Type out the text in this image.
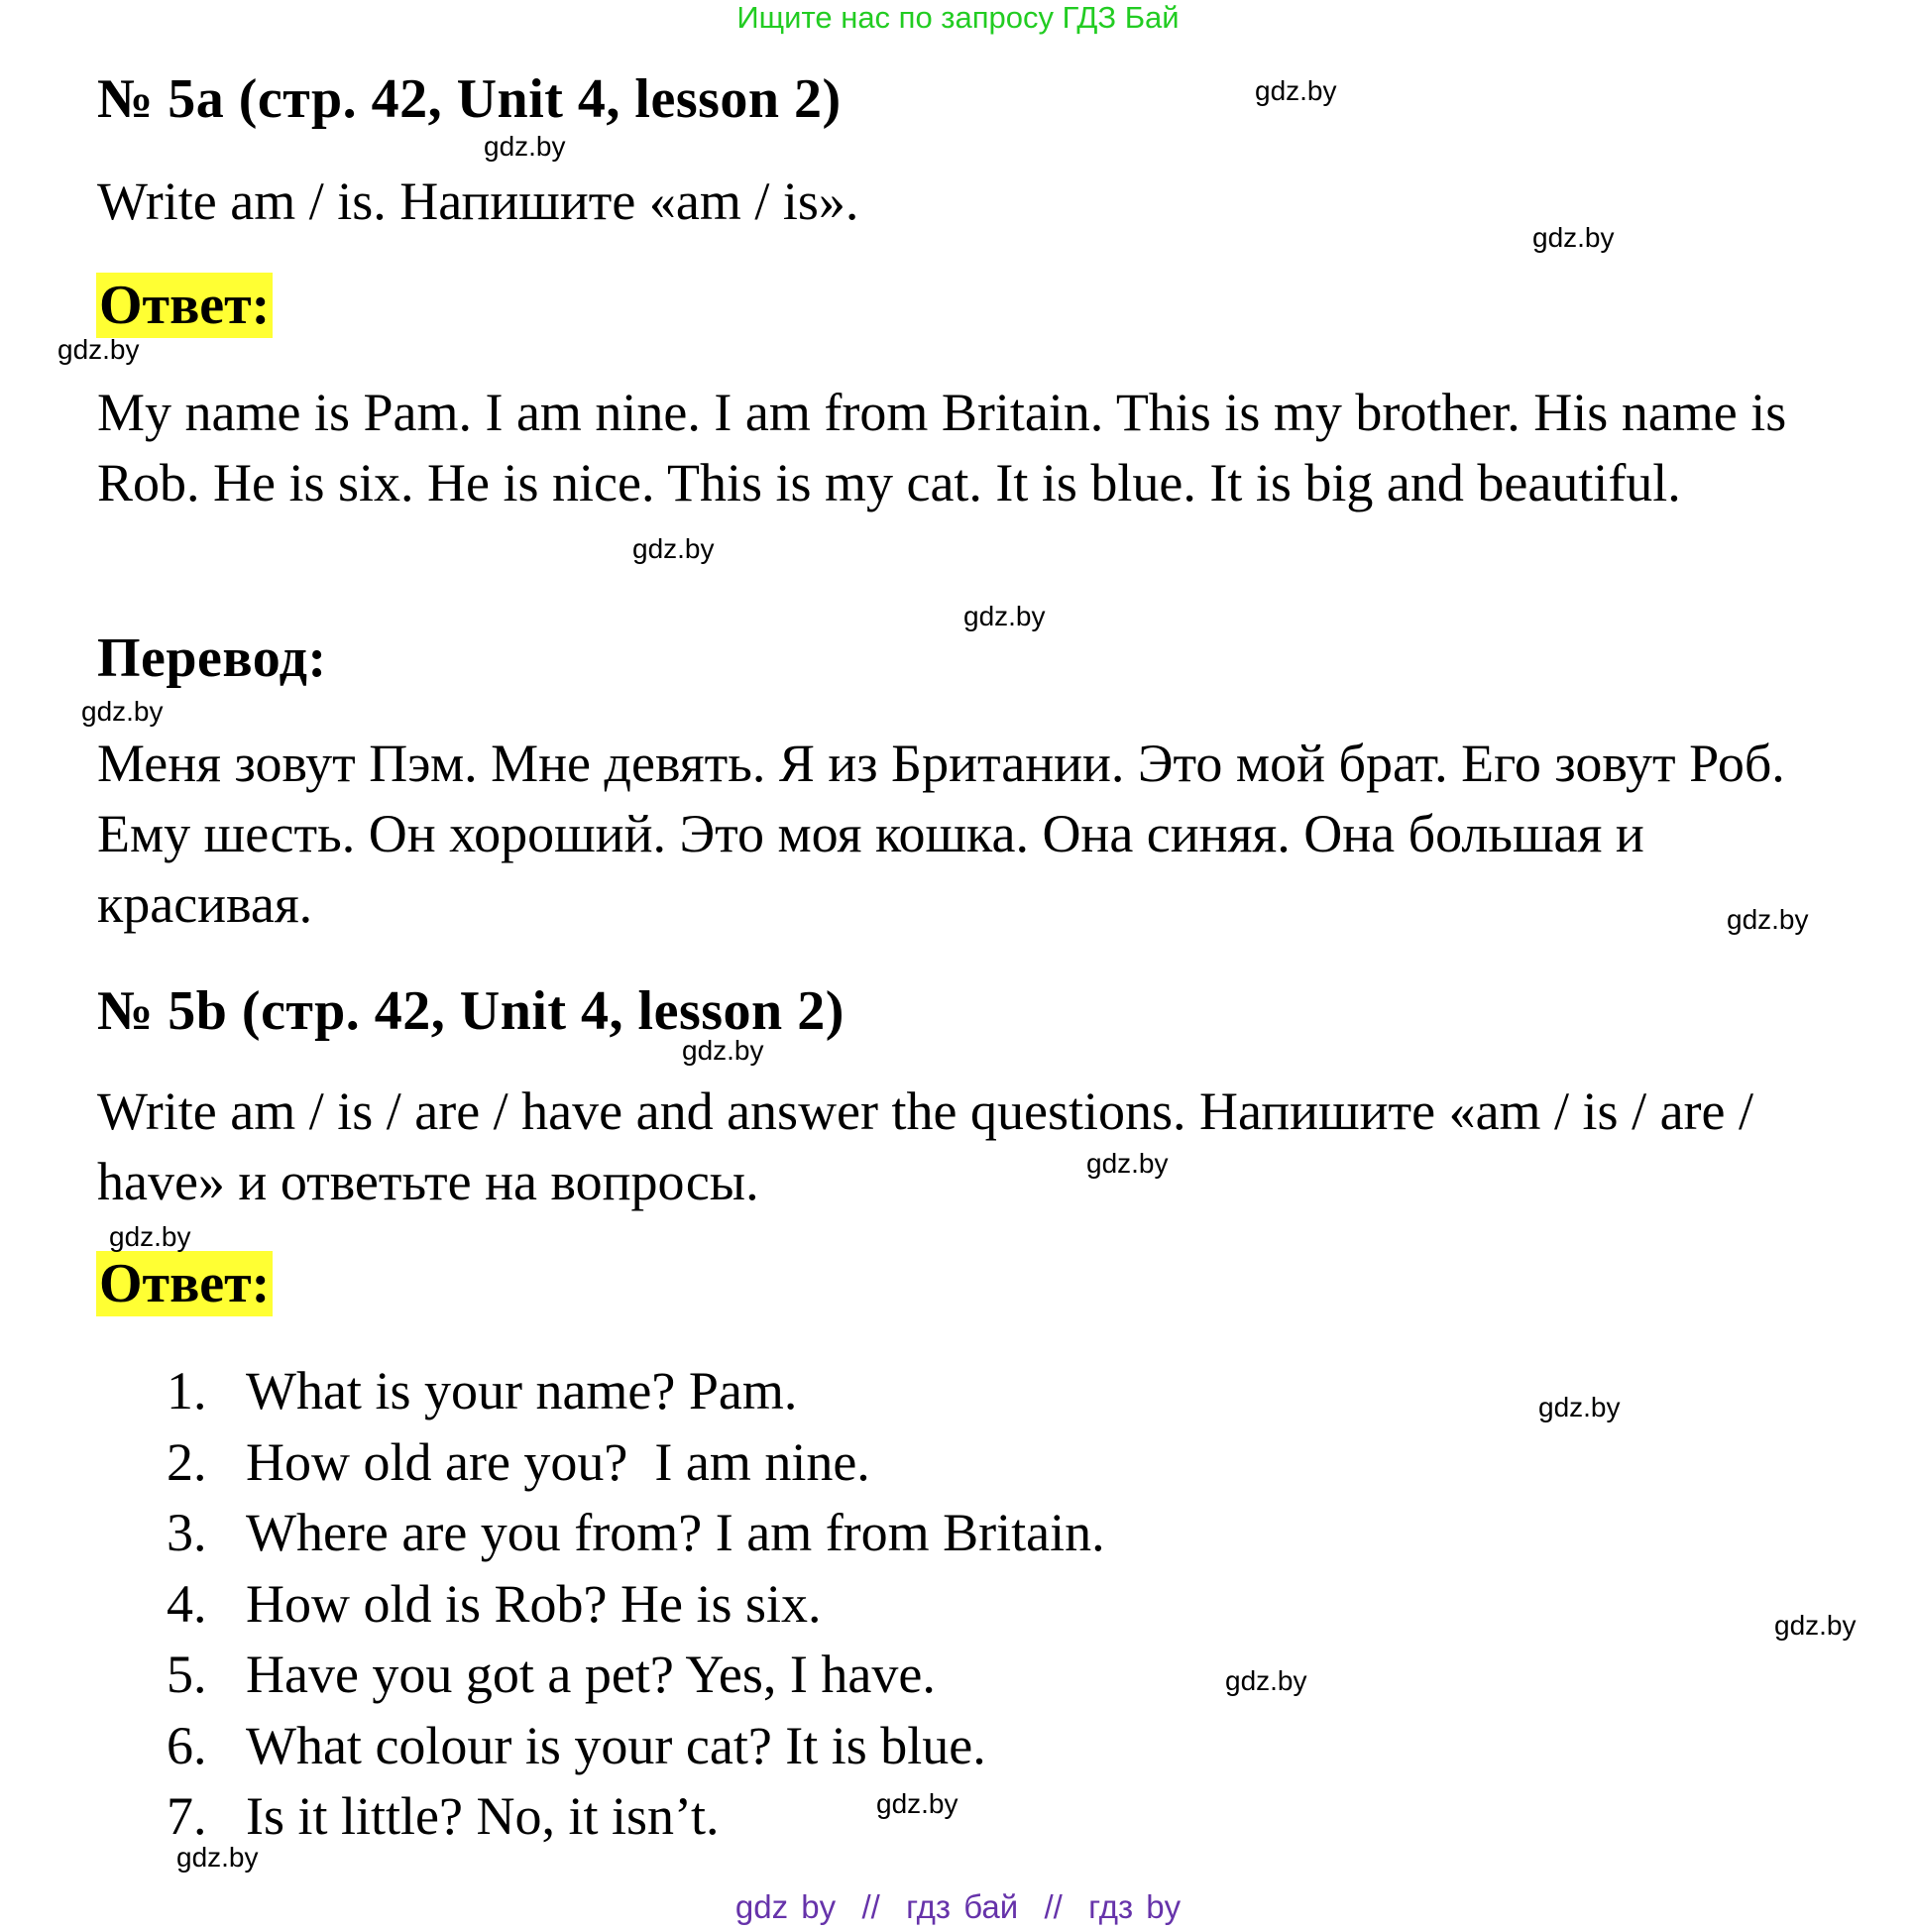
Ищите нас по запросу ГДЗ Бай
№ 5a (стр. 42, Unit 4, lesson 2)
Write am / is. Напишите «am / is».
Ответ:
My name is Pam. I am nine. I am from Britain. This is my brother. His name is Rob. He is six. He is nice. This is my cat. It is blue. It is big and beautiful.
Перевод:
Меня зовут Пэм. Мне девять. Я из Британии. Это мой брат. Его зовут Роб. Ему шесть. Он хороший. Это моя кошка. Она синяя. Она большая и красивая.
№ 5b (стр. 42, Unit 4, lesson 2)
Write am / is / are / have and answer the questions. Напишите «am / is / are / have» и ответьте на вопросы.
Ответ:
1. What is your name? Pam.
2. How old are you?  I am nine.
3. Where are you from? I am from Britain.
4. How old is Rob? He is six.
5. Have you got a pet? Yes, I have.
6. What colour is your cat? It is blue.
7. Is it little? No, it isn’t.
gdz.by
gdz.by
gdz.by
gdz.by
gdz.by
gdz.by
gdz.by
gdz.by
gdz.by
gdz.by
gdz.by
gdz.by
gdz.by
gdz.by
gdz.by
gdz.by
gdz by  //  гдз бай  //  гдз by
